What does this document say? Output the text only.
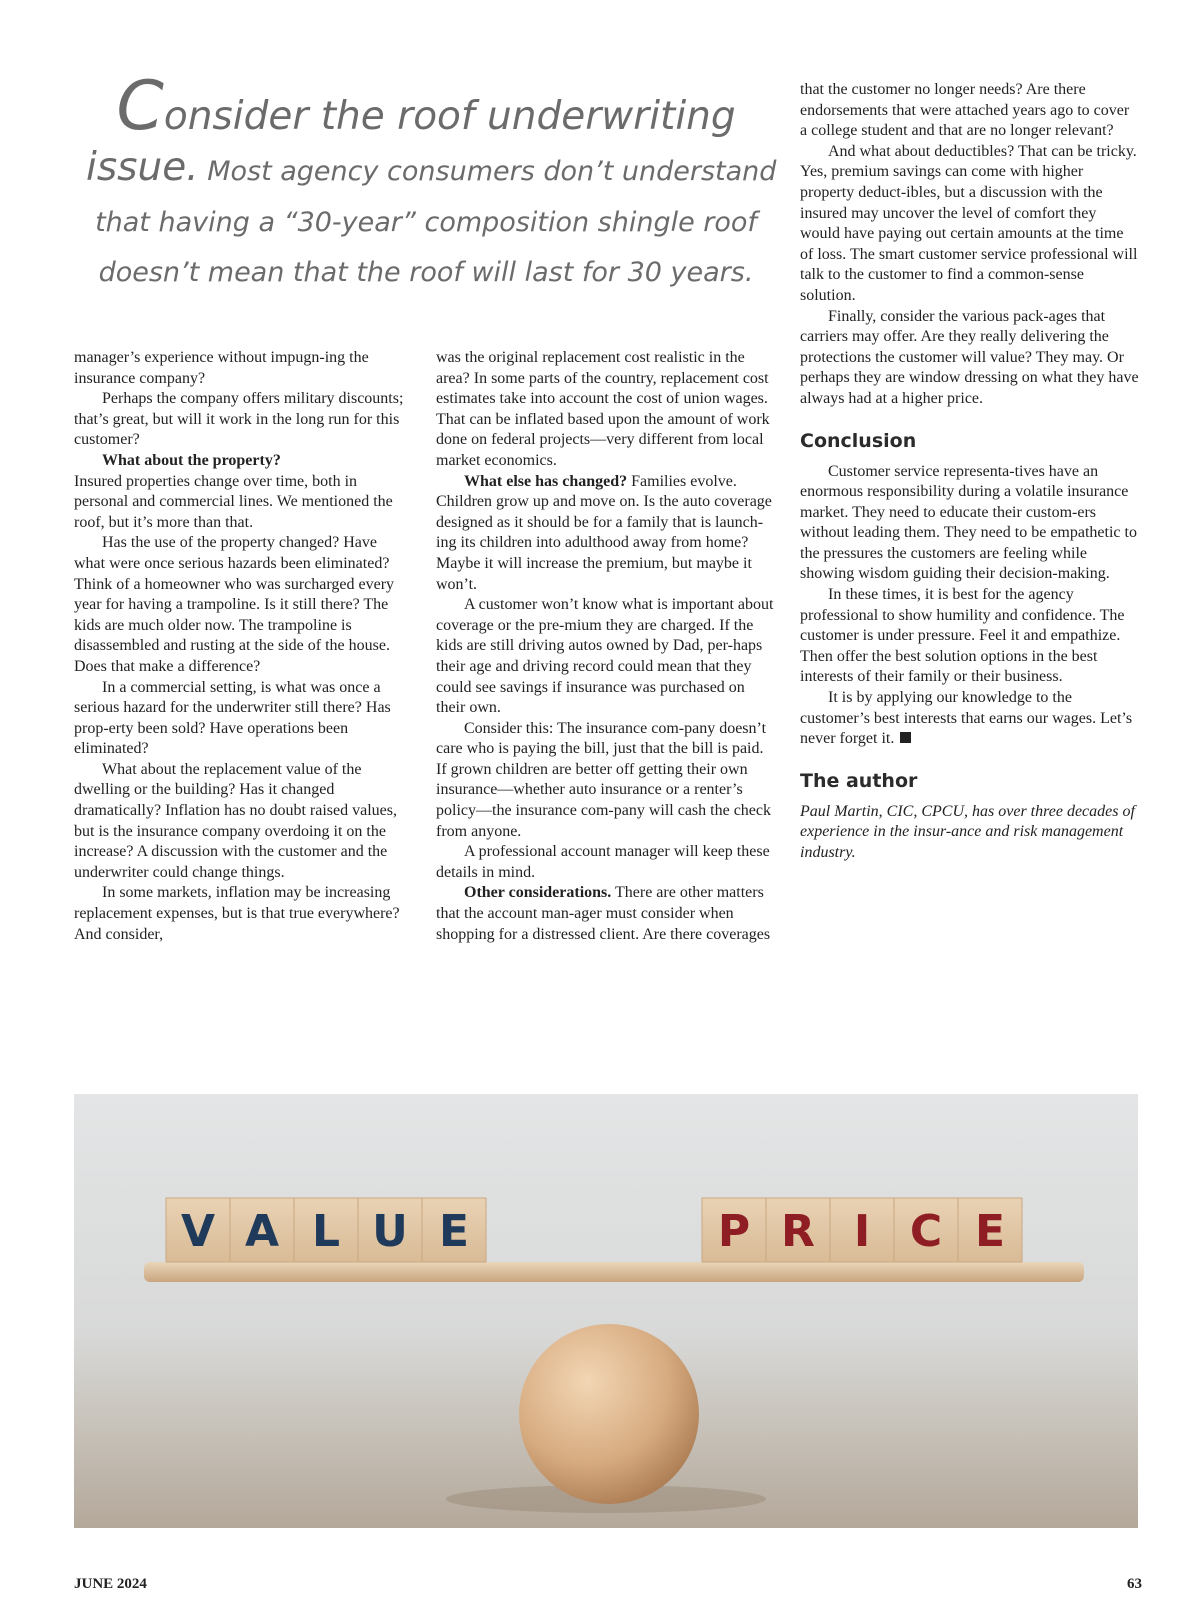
Consider the roof underwriting
issue. Most agency consumers don’t understand
that having a “30-year” composition shingle roof
doesn’t mean that the roof will last for 30 years.

manager’s experience without impugn-ing the insurance company?

Perhaps the company offers military discounts; that’s great, but will it work in the long run for this customer?

What about the property?

Insured properties change over time, both in personal and commercial lines. We mentioned the roof, but it’s more than that.

Has the use of the property changed? Have what were once serious hazards been eliminated? Think of a homeowner who was surcharged every year for having a trampoline. Is it still there? The kids are much older now. The trampoline is disassembled and rusting at the side of the house. Does that make a difference?

In a commercial setting, is what was once a serious hazard for the underwriter still there? Has prop-erty been sold? Have operations been eliminated?

What about the replacement value of the dwelling or the building? Has it changed dramatically? Inflation has no doubt raised values, but is the insurance company overdoing it on the increase? A discussion with the customer and the underwriter could change things.

In some markets, inflation may be increasing replacement expenses, but is that true everywhere? And consider,

was the original replacement cost realistic in the area? In some parts of the country, replacement cost estimates take into account the cost of union wages. That can be inflated based upon the amount of work done on federal projects—very different from local market economics.

What else has changed? Families evolve. Children grow up and move on. Is the auto coverage designed as it should be for a family that is launch-ing its children into adulthood away from home? Maybe it will increase the premium, but maybe it won’t.

A customer won’t know what is important about coverage or the pre-mium they are charged. If the kids are still driving autos owned by Dad, per-haps their age and driving record could mean that they could see savings if insurance was purchased on their own.

Consider this: The insurance com-pany doesn’t care who is paying the bill, just that the bill is paid. If grown children are better off getting their own insurance—whether auto insurance or a renter’s policy—the insurance com-pany will cash the check from anyone.

A professional account manager will keep these details in mind.

Other considerations. There are other matters that the account man-ager must consider when shopping for a distressed client. Are there coverages

that the customer no longer needs? Are there endorsements that were attached years ago to cover a college student and that are no longer relevant?

And what about deductibles? That can be tricky. Yes, premium savings can come with higher property deduct-ibles, but a discussion with the insured may uncover the level of comfort they would have paying out certain amounts at the time of loss. The smart customer service professional will talk to the customer to find a common-sense solution.

Finally, consider the various pack-ages that carriers may offer. Are they really delivering the protections the customer will value? They may. Or perhaps they are window dressing on what they have always had at a higher price.

Conclusion

Customer service representa-tives have an enormous responsibility during a volatile insurance market. They need to educate their custom-ers without leading them. They need to be empathetic to the pressures the customers are feeling while showing wisdom guiding their decision-making.

In these times, it is best for the agency professional to show humility and confidence. The customer is under pressure. Feel it and empathize. Then offer the best solution options in the best interests of their family or their business.

It is by applying our knowledge to the customer’s best interests that earns our wages. Let’s never forget it.

The author

Paul Martin, CIC, CPCU, has over three decades of experience in the insur-ance and risk management industry.

V A L U E	P R I C E
JUNE 2024	63
